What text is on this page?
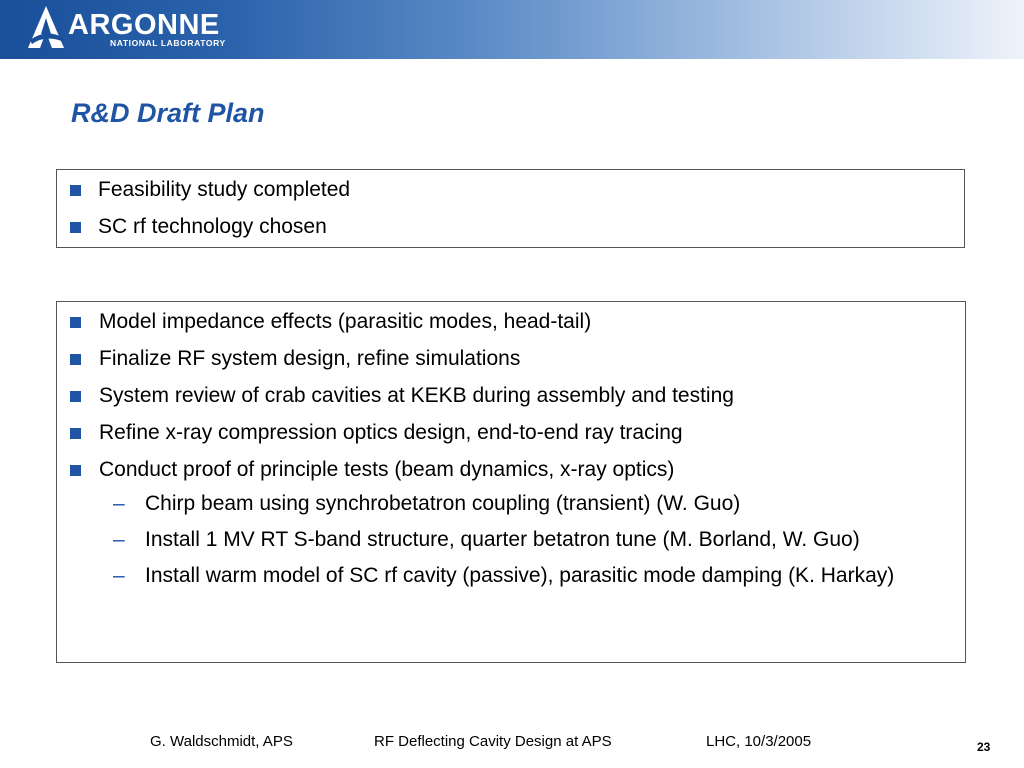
ARGONNE
NATIONAL LABORATORY
R&D Draft Plan
Feasibility study completed
SC rf technology chosen
Model impedance effects (parasitic modes, head-tail)
Finalize RF system design, refine simulations
System review of crab cavities at KEKB during assembly and testing
Refine x-ray compression optics design, end-to-end ray tracing
Conduct proof of principle tests (beam dynamics, x-ray optics)
– Chirp beam using synchrobetatron coupling (transient) (W. Guo)
– Install 1 MV RT S-band structure, quarter betatron tune (M. Borland, W. Guo)
– Install warm model of SC rf cavity (passive), parasitic mode damping (K. Harkay)
G. Waldschmidt, APS	RF Deflecting Cavity Design at APS	LHC, 10/3/2005	23
